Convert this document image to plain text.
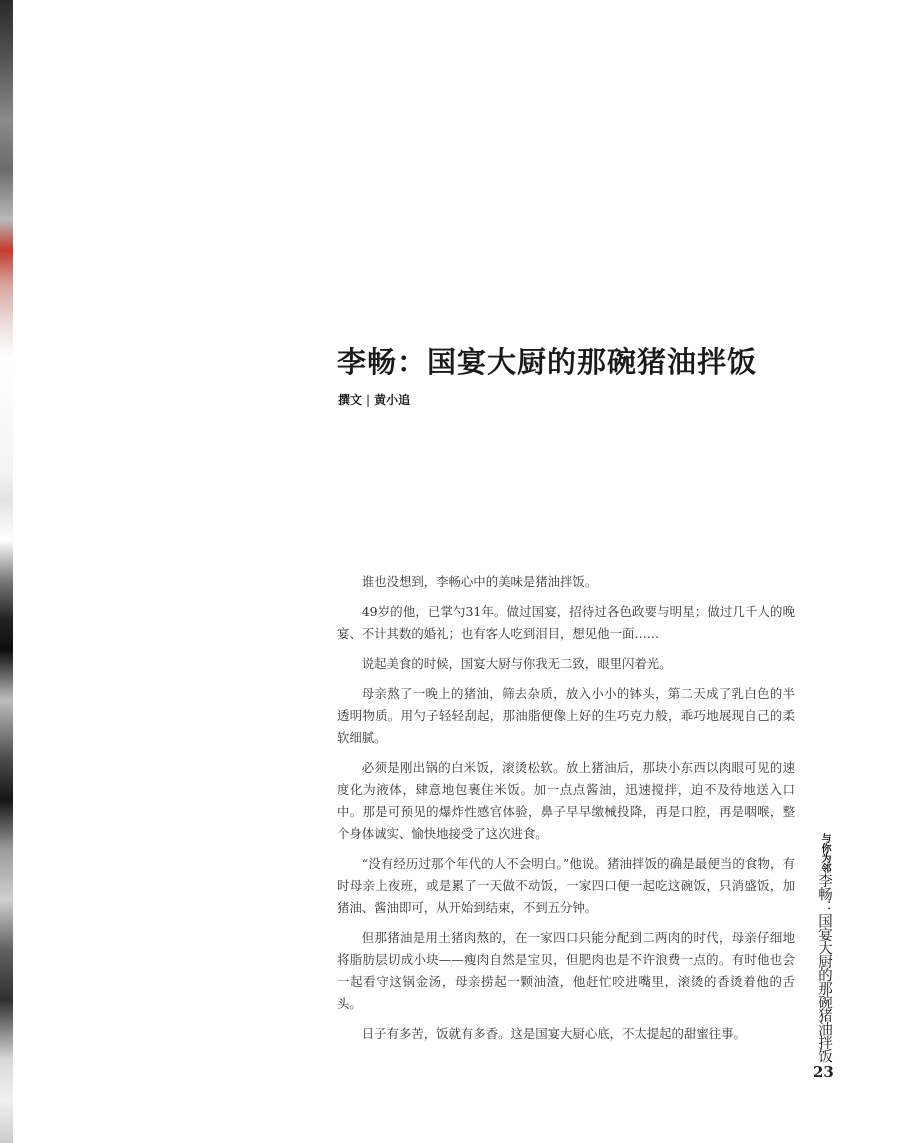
李畅：国宴大厨的那碗猪油拌饭
撰文 | 黄小追

谁也没想到，李畅心中的美味是猪油拌饭。

49岁的他，已掌勺31年。做过国宴，招待过各色政要与明星；做过几千人的晚宴、不计其数的婚礼；也有客人吃到泪目，想见他一面……

说起美食的时候，国宴大厨与你我无二致，眼里闪着光。

母亲熬了一晚上的猪油，筛去杂质，放入小小的钵头，第二天成了乳白色的半透明物质。用勺子轻轻刮起，那油脂便像上好的生巧克力般，乖巧地展现自己的柔软细腻。

必须是刚出锅的白米饭，滚烫松软。放上猪油后，那块小东西以肉眼可见的速度化为液体，肆意地包裹住米饭。加一点点酱油，迅速搅拌，迫不及待地送入口中。那是可预见的爆炸性感官体验，鼻子早早缴械投降，再是口腔，再是咽喉，整个身体诚实、愉快地接受了这次进食。

“没有经历过那个年代的人不会明白。”他说。猪油拌饭的确是最便当的食物，有时母亲上夜班，或是累了一天做不动饭，一家四口便一起吃这碗饭，只消盛饭，加猪油、酱油即可，从开始到结束，不到五分钟。

但那猪油是用土猪肉熬的，在一家四口只能分配到二两肉的时代，母亲仔细地将脂肪层切成小块——瘦肉自然是宝贝，但肥肉也是不许浪费一点的。有时他也会一起看守这锅金汤，母亲捞起一颗油渣，他赶忙咬进嘴里，滚烫的香烫着他的舌头。

日子有多苦，饭就有多香。这是国宴大厨心底，不太提起的甜蜜往事。

与你为邻
李畅：国宴大厨的那碗猪油拌饭
23
